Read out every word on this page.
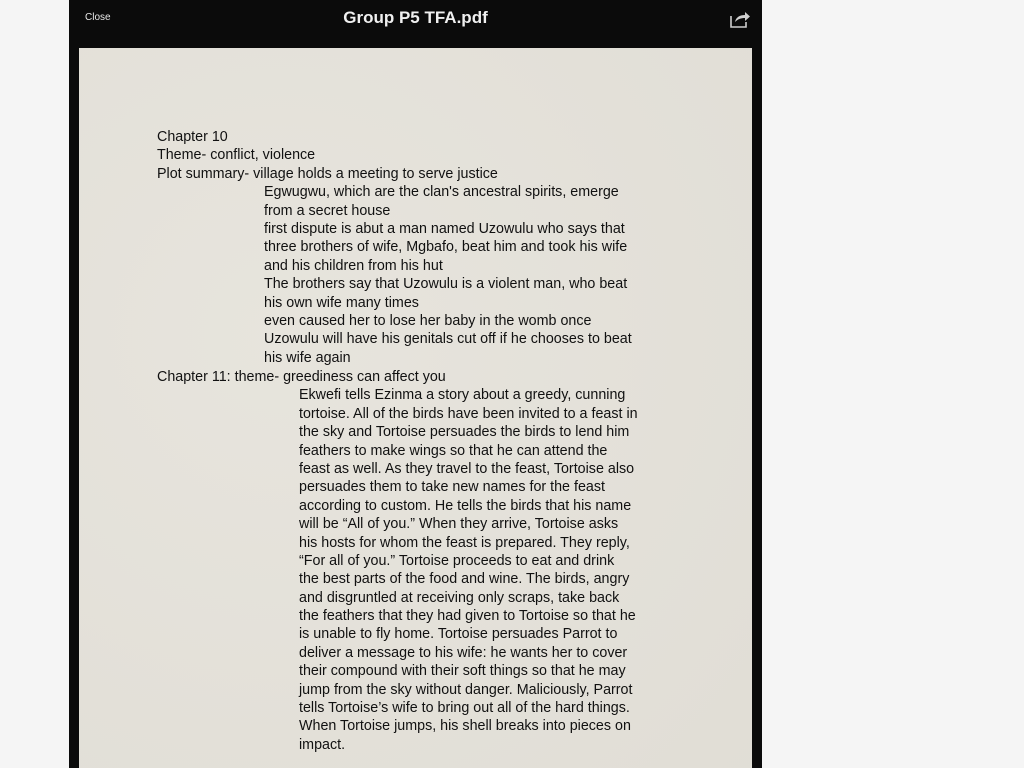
Close	Group P5 TFA.pdf
Chapter 10
Theme- conflict, violence
Plot summary- village holds a meeting to serve justice
Egwugwu, which are the clan's ancestral spirits, emerge
from a secret house
first dispute is abut a man named Uzowulu who says that
three brothers of wife, Mgbafo, beat him and took his wife
and his children from his hut
The brothers say that Uzowulu is a violent man, who beat
his own wife many times
even caused her to lose her baby in the womb once
Uzowulu will have his genitals cut off if he chooses to beat
his wife again
Chapter 11: theme- greediness can affect you
Ekwefi tells Ezinma a story about a greedy, cunning
tortoise. All of the birds have been invited to a feast in
the sky and Tortoise persuades the birds to lend him
feathers to make wings so that he can attend the
feast as well. As they travel to the feast, Tortoise also
persuades them to take new names for the feast
according to custom. He tells the birds that his name
will be “All of you.” When they arrive, Tortoise asks
his hosts for whom the feast is prepared. They reply,
“For all of you.” Tortoise proceeds to eat and drink
the best parts of the food and wine. The birds, angry
and disgruntled at receiving only scraps, take back
the feathers that they had given to Tortoise so that he
is unable to fly home. Tortoise persuades Parrot to
deliver a message to his wife: he wants her to cover
their compound with their soft things so that he may
jump from the sky without danger. Maliciously, Parrot
tells Tortoise’s wife to bring out all of the hard things.
When Tortoise jumps, his shell breaks into pieces on
impact.
